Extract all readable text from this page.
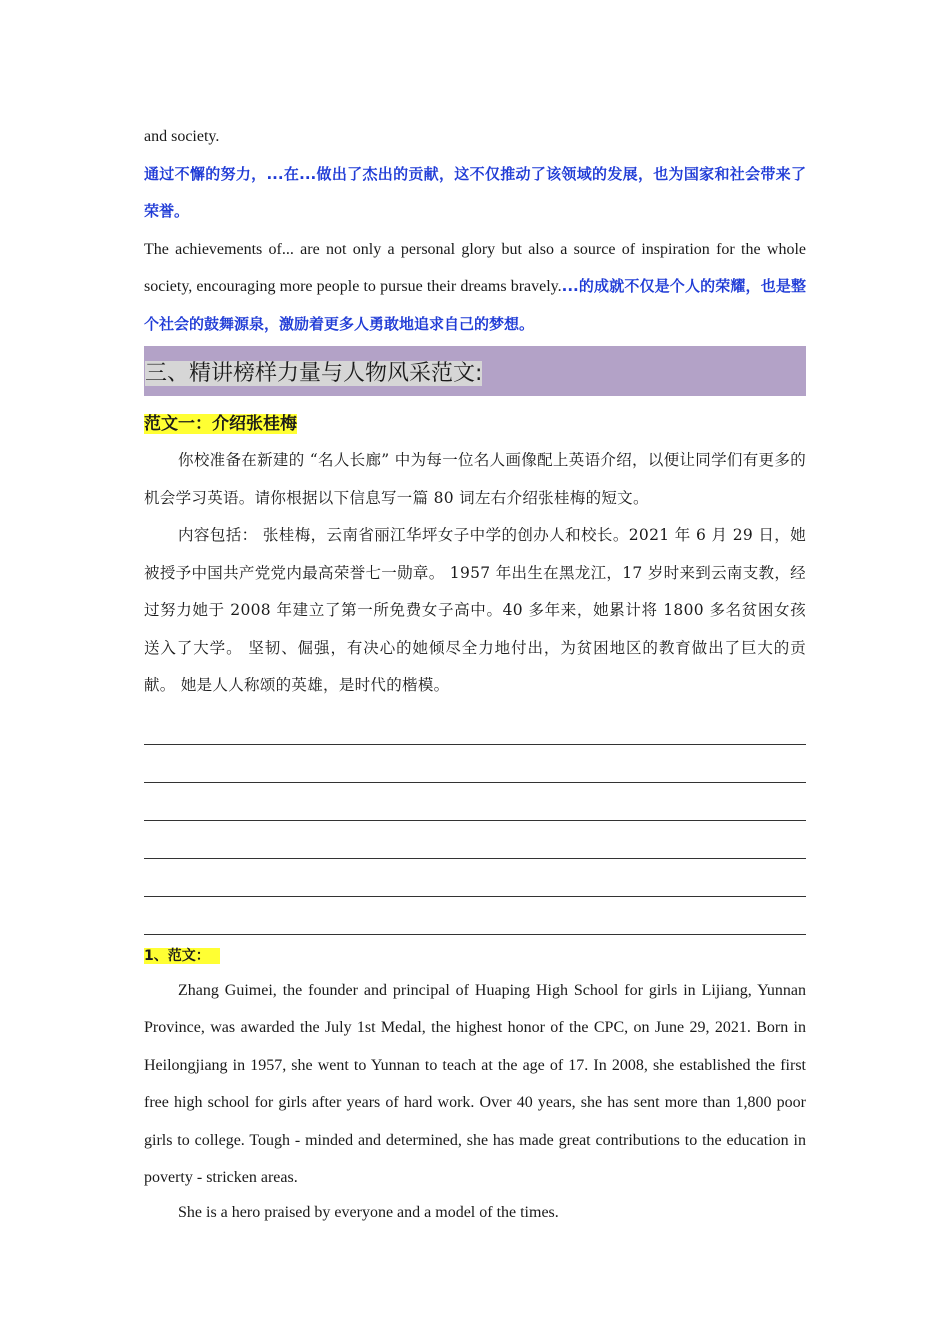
and society.

通过不懈的努力，...在...做出了杰出的贡献，这不仅推动了该领域的发展，也为国家和社会带来了荣誉。

The achievements of... are not only a personal glory but also a source of inspiration for the whole society, encouraging more people to pursue their dreams bravely....的成就不仅是个人的荣耀，也是整个社会的鼓舞源泉，激励着更多人勇敢地追求自己的梦想。

三、精讲榜样力量与人物风采范文:
范文一：介绍张桂梅

你校准备在新建的 “名人长廊” 中为每一位名人画像配上英语介绍，以便让同学们有更多的机会学习英语。请你根据以下信息写一篇 80 词左右介绍张桂梅的短文。

内容包括： 张桂梅，云南省丽江华坪女子中学的创办人和校长。2021 年 6 月 29 日，她被授予中国共产党党内最高荣誉七一勋章。 1957 年出生在黑龙江，17 岁时来到云南支教，经过努力她于 2008 年建立了第一所免费女子高中。40 多年来，她累计将 1800 多名贫困女孩送入了大学。 坚韧、倔强，有决心的她倾尽全力地付出，为贫困地区的教育做出了巨大的贡献。 她是人人称颂的英雄，是时代的楷模。

1、范文：

Zhang Guimei, the founder and principal of Huaping High School for girls in Lijiang, Yunnan Province, was awarded the July 1st Medal, the highest honor of the CPC, on June 29, 2021. Born in Heilongjiang in 1957, she went to Yunnan to teach at the age of 17. In 2008, she established the first free high school for girls after years of hard work. Over 40 years, she has sent more than 1,800 poor girls to college. Tough - minded and determined, she has made great contributions to the education in poverty - stricken areas.

She is a hero praised by everyone and a model of the times.
